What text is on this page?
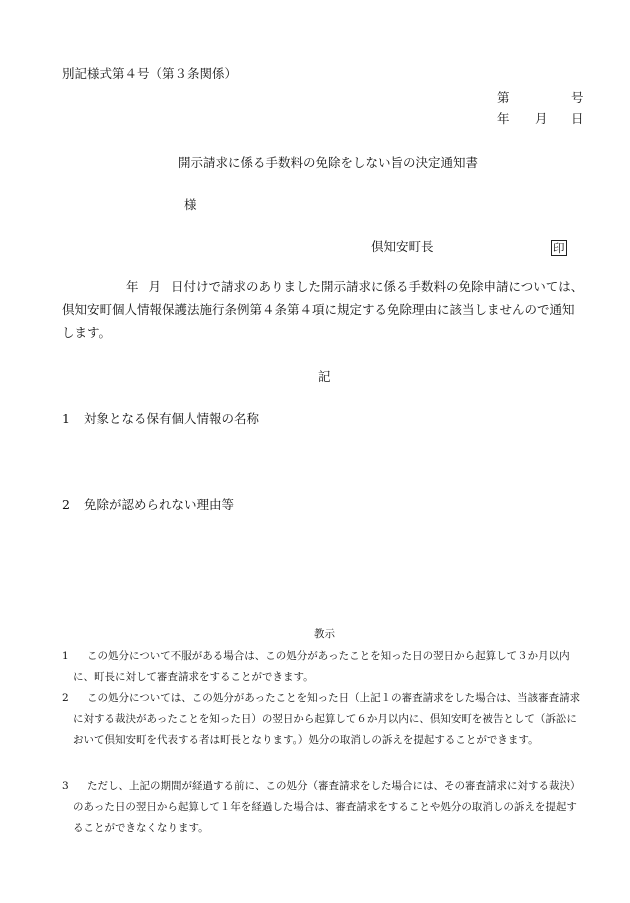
別記様式第４号（第３条関係）
第	号
年 月 日
開示請求に係る手数料の免除をしない旨の決定通知書
様
倶知安町長	印
年 月 日付けで請求のありました開示請求に係る手数料の免除申請については、倶知安町個人情報保護法施行条例第４条第４項に規定する免除理由に該当しませんので通知します。
記
1 対象となる保有個人情報の名称
2 免除が認められない理由等
教示
1	この処分について不服がある場合は、この処分があったことを知った日の翌日から起算して３か月以内に、町長に対して審査請求をすることができます。
2	この処分については、この処分があったことを知った日（上記１の審査請求をした場合は、当該審査請求に対する裁決があったことを知った日）の翌日から起算して６か月以内に、倶知安町を被告として（訴訟において倶知安町を代表する者は町長となります。）処分の取消しの訴えを提起することができます。
3	ただし、上記の期間が経過する前に、この処分（審査請求をした場合には、その審査請求に対する裁決）のあった日の翌日から起算して１年を経過した場合は、審査請求をすることや処分の取消しの訴えを提起することができなくなります。
